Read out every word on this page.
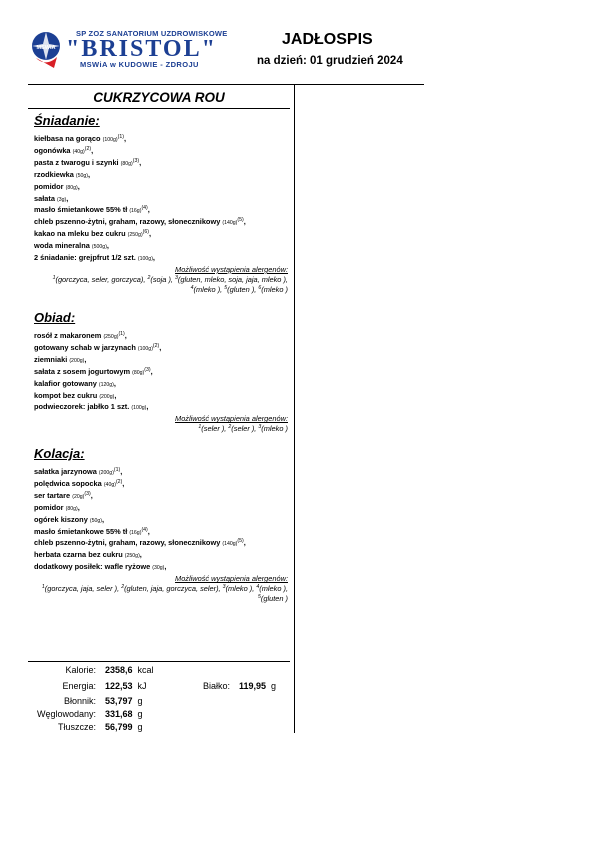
MSWiA
SP ZOZ SANATORIUM UZDROWISKOWE
"BRISTOL"
MSWiA w KUDOWIE - ZDROJU
JADŁOSPIS
na dzień: 01 grudzień 2024
CUKRZYCOWA ROU
Śniadanie:
kiełbasa na gorąco $(100g)^{(1)}$,
ogonówka $(40g)^{(2)}$,
pasta z twarogu i szynki $(80g)^{(3)}$,
rzodkiewka (50g),
pomidor (80g),
sałata (3g),
masło śmietankowe 55% tł $(16g)^{(4)}$,
chleb pszenno-żytni, graham, razowy, słonecznikowy $(140g)^{(5)}$,
kakao na mleku bez cukru $(250g)^{(6)}$,
woda mineralna (500g),
2 śniadanie: grejpfrut 1/2 szt. (100g),
Możliwość wystąpienia alergenów:
$^1$(gorczyca, seler, gorczyca), $^2$(soja ), $^3$(gluten, mleko, soja, jaja, mleko ), $^4$(mleko ), $^5$(gluten ), $^6$(mleko )
Obiad:
rosół z makaronem $(250g)^{(1)}$,
gotowany schab w jarzynach $(100g)^{(2)}$,
ziemniaki (200g),
sałata z sosem jogurtowym $(80g)^{(3)}$,
kalafior gotowany (120g),
kompot bez cukru (200g),
podwieczorek: jabłko 1 szt. (100g),
Możliwość wystąpienia alergenów:
$^1$(seler ), $^2$(seler ), $^3$(mleko )
Kolacja:
sałatka jarzynowa $(200g)^{(1)}$,
polędwica sopocka $(40g)^{(2)}$,
ser tartare $(20g)^{(3)}$,
pomidor (80g),
ogórek kiszony (50g),
masło śmietankowe 55% tł $(16g)^{(4)}$,
chleb pszenno-żytni, graham, razowy, słonecznikowy $(140g)^{(5)}$,
herbata czarna bez cukru (250g),
dodatkowy posiłek: wafle ryżowe (30g),
Możliwość wystąpienia alergenów:
$^1$(gorczyca, jaja, seler ), $^2$(gluten, jaja, gorczyca, seler), $^3$(mleko ), $^4$(mleko ), $^5$(gluten )
Kalorie: 2358,6 kcal
Energia: 122,53 kJ	Białko: 119,95 g
Błonnik: 53,797 g
Węglowodany: 331,68 g
Tłuszcze: 56,799 g
